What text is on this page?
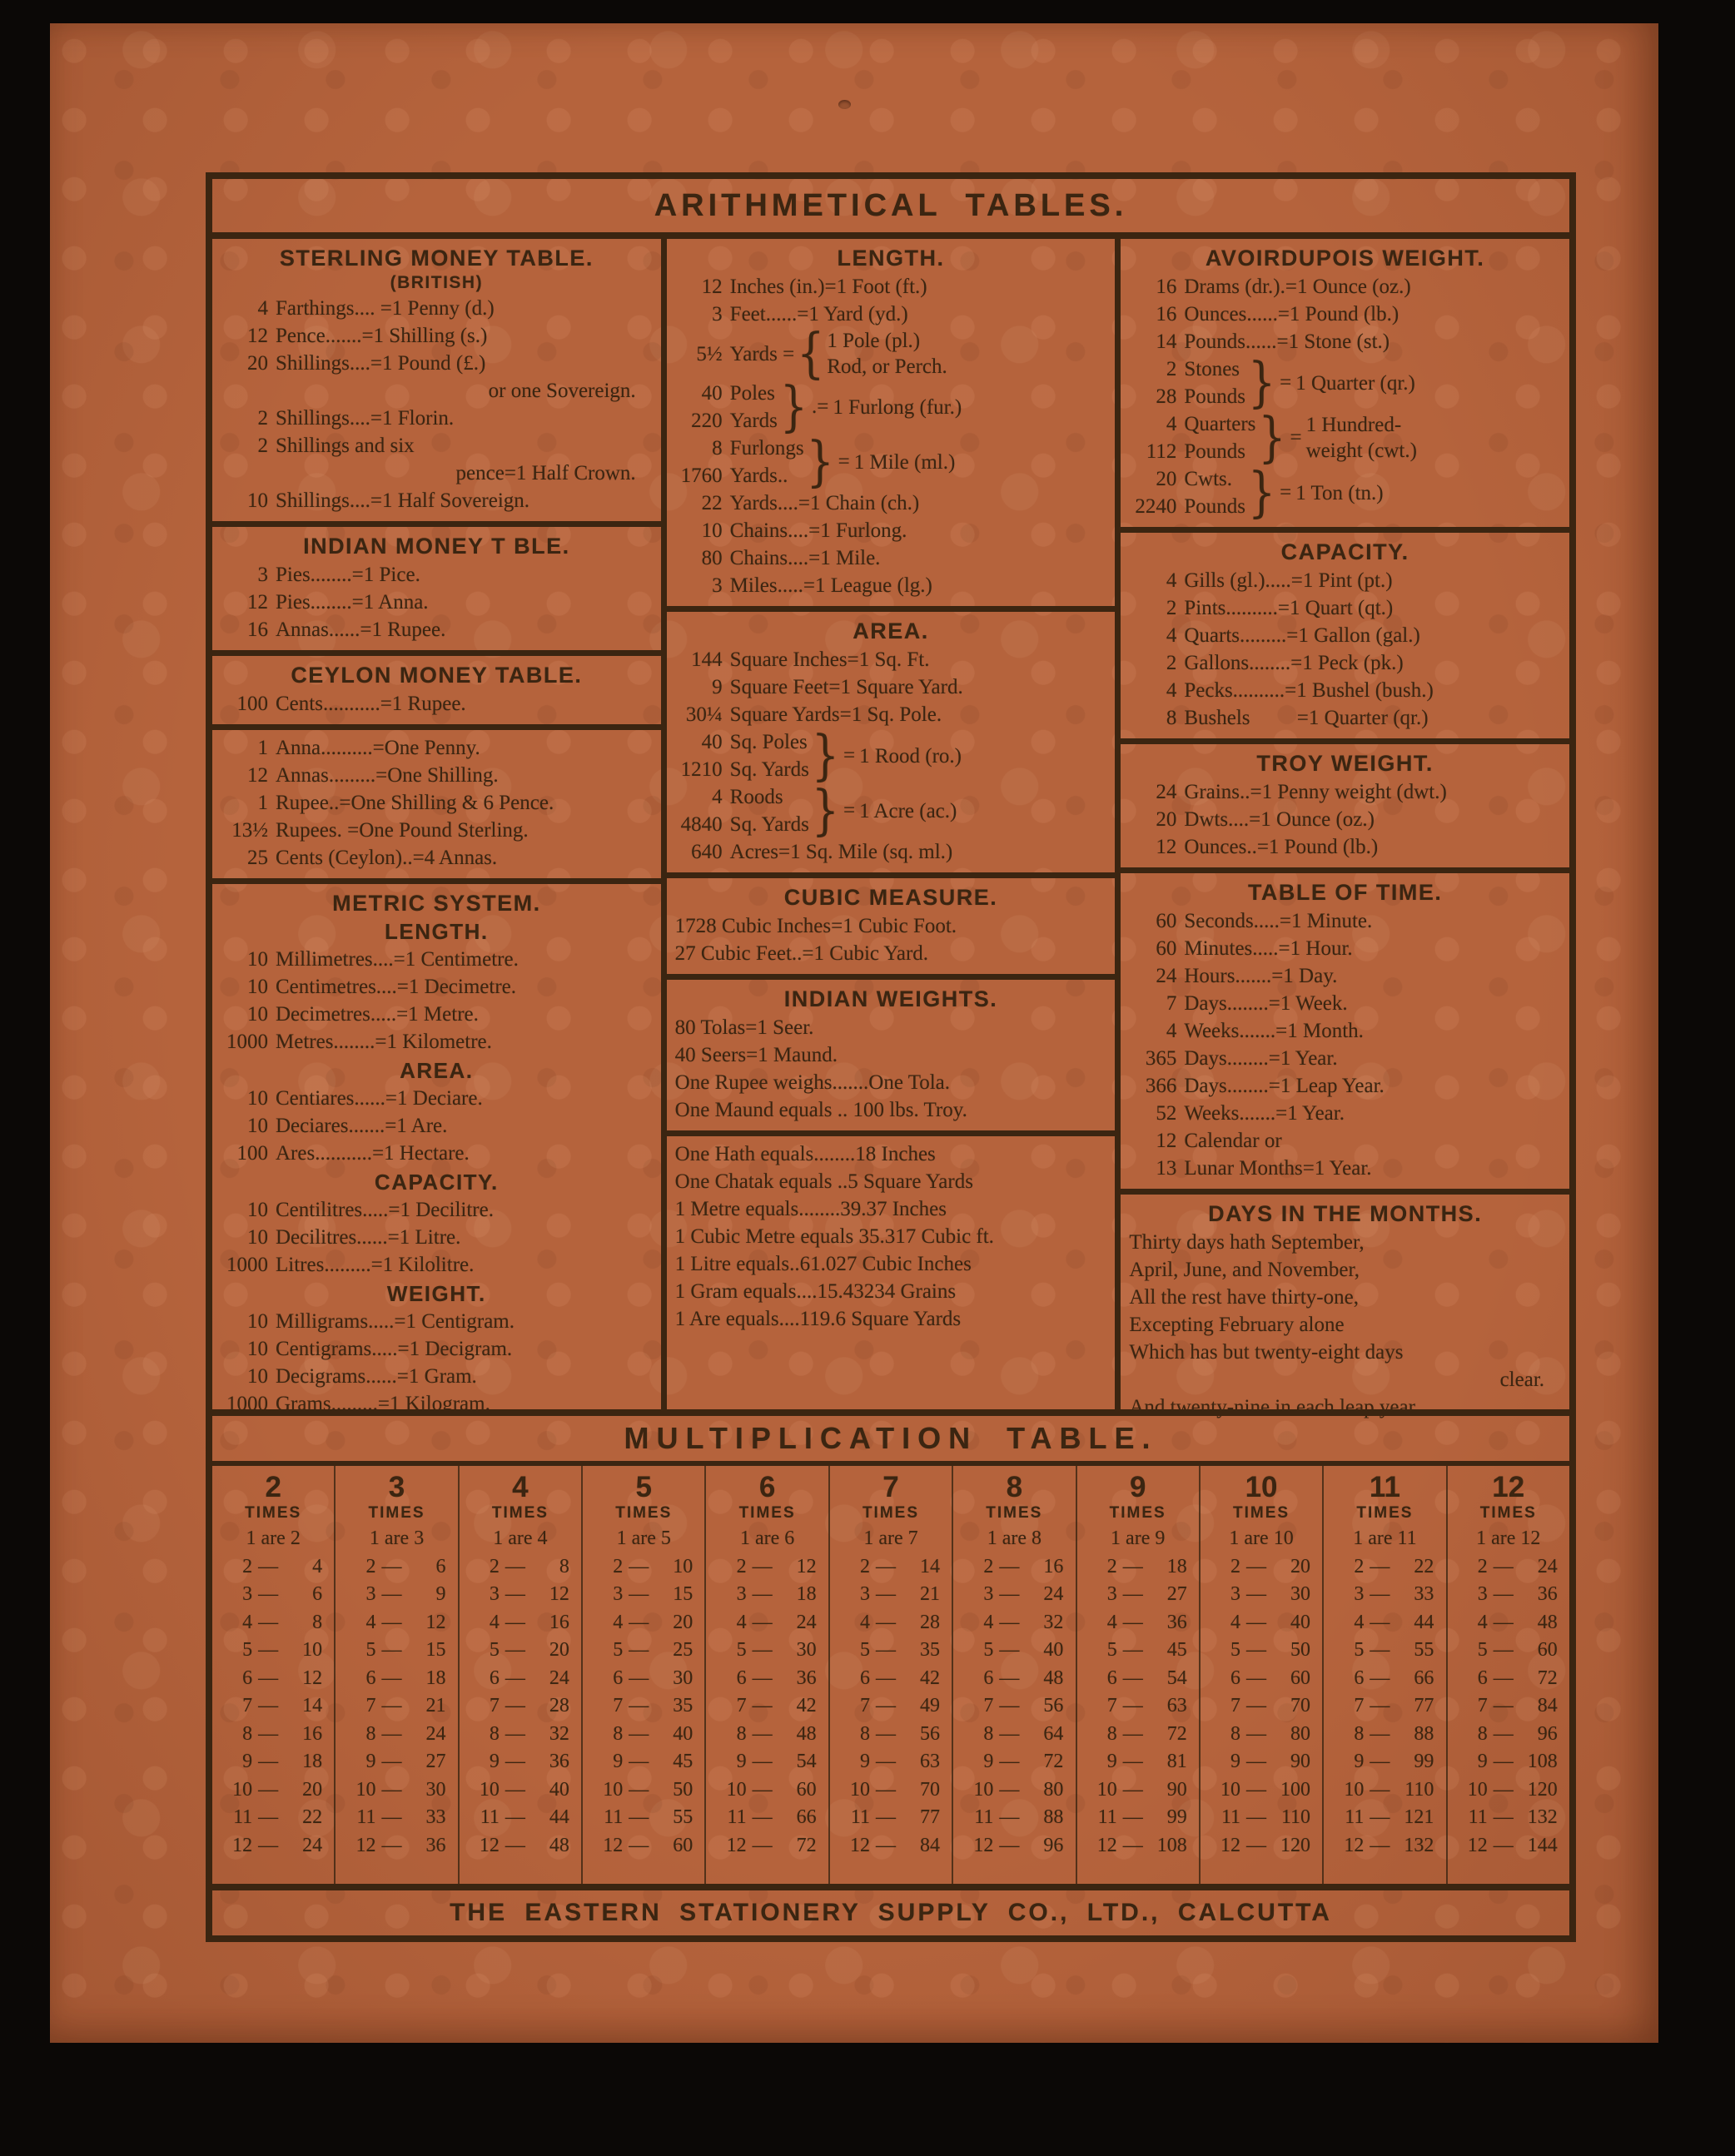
ARITHMETICAL TABLES.
STERLING MONEY TABLE.
(BRITISH)
4 Farthings.... =1 Penny (d.)
12 Pence.......=1 Shilling (s.)
20 Shillings....=1 Pound (£.)
or one Sovereign.
2 Shillings....=1 Florin.
2 Shillings and six
pence=1 Half Crown.
10 Shillings....=1 Half Sovereign.
INDIAN MONEY T BLE.
3 Pies........=1 Pice.
12 Pies........=1 Anna.
16 Annas......=1 Rupee.
CEYLON MONEY TABLE.
100 Cents...........=1 Rupee.
1 Anna..........=One Penny.
12 Annas.........=One Shilling.
1 Rupee..=One Shilling & 6 Pence.
13½ Rupees. =One Pound Sterling.
25 Cents (Ceylon)..=4 Annas.
METRIC SYSTEM.
LENGTH.
10 Millimetres....=1 Centimetre.
10 Centimetres....=1 Decimetre.
10 Decimetres.....=1 Metre.
1000 Metres........=1 Kilometre.
AREA.
10 Centiares......=1 Deciare.
10 Deciares.......=1 Are.
100 Ares...........=1 Hectare.
CAPACITY.
10 Centilitres.....=1 Decilitre.
10 Decilitres......=1 Litre.
1000 Litres.........=1 Kilolitre.
WEIGHT.
10 Milligrams.....=1 Centigram.
10 Centigrams.....=1 Decigram.
10 Decigrams......=1 Gram.
1000 Grams.........=1 Kilogram.
LENGTH.
12 Inches (in.)=1 Foot (ft.)
3 Feet......=1 Yard (yd.)
5½ Yards = { 1 Pole (pl.)
Rod, or Perch.
40 Poles
220 Yards } .= 1 Furlong (fur.)
8 Furlongs
1760 Yards.. } = 1 Mile (ml.)
22 Yards....=1 Chain (ch.)
10 Chains....=1 Furlong.
80 Chains....=1 Mile.
3 Miles.....=1 League (lg.)
AREA.
144 Square Inches=1 Sq. Ft.
9 Square Feet=1 Square Yard.
30¼ Square Yards=1 Sq. Pole.
40 Sq. Poles
1210 Sq. Yards } = 1 Rood (ro.)
4 Roods
4840 Sq. Yards } = 1 Acre (ac.)
640 Acres=1 Sq. Mile (sq. ml.)
CUBIC MEASURE.
1728 Cubic Inches=1 Cubic Foot.
27 Cubic Feet..=1 Cubic Yard.
INDIAN WEIGHTS.
80 Tolas=1 Seer.
40 Seers=1 Maund.
One Rupee weighs.......One Tola.
One Maund equals .. 100 lbs. Troy.
One Hath equals........18 Inches
One Chatak equals ..5 Square Yards
1 Metre equals........39.37 Inches
1 Cubic Metre equals 35.317 Cubic ft.
1 Litre equals..61.027 Cubic Inches
1 Gram equals....15.43234 Grains
1 Are equals....119.6 Square Yards
AVOIRDUPOIS WEIGHT.
16 Drams (dr.).=1 Ounce (oz.)
16 Ounces......=1 Pound (lb.)
14 Pounds......=1 Stone (st.)
2 Stones
28 Pounds } = 1 Quarter (qr.)
4 Quarters
112 Pounds } =
1 Hundred-
weight (cwt.)
20 Cwts.
2240 Pounds } = 1 Ton (tn.)
CAPACITY.
4 Gills (gl.).....=1 Pint (pt.)
2 Pints..........=1 Quart (qt.)
4 Quarts.........=1 Gallon (gal.)
2 Gallons........=1 Peck (pk.)
4 Pecks..........=1 Bushel (bush.)
8 Bushels         =1 Quarter (qr.)
TROY WEIGHT.
24 Grains..=1 Penny weight (dwt.)
20 Dwts....=1 Ounce (oz.)
12 Ounces..=1 Pound (lb.)
TABLE OF TIME.
60 Seconds.....=1 Minute.
60 Minutes.....=1 Hour.
24 Hours.......=1 Day.
7 Days........=1 Week.
4 Weeks.......=1 Month.
365 Days........=1 Year.
366 Days........=1 Leap Year.
52 Weeks.......=1 Year.
12 Calendar or
13 Lunar Months=1 Year.
DAYS IN THE MONTHS.
Thirty days hath September,
April, June, and November,
All the rest have thirty-one,
Excepting February alone
Which has but twenty-eight days
clear.
And twenty-nine in each leap year.
MULTIPLICATION TABLE.
2
TIMES
1 are 2
2 —	4
3 —	6
4 —	8
5 —	10
6 —	12
7 —	14
8 —	16
9 —	18
10 —	20
11 —	22
12 —	24
3
TIMES
1 are 3
2 —	6
3 —	9
4 —	12
5 —	15
6 —	18
7 —	21
8 —	24
9 —	27
10 —	30
11 —	33
12 —	36
4
TIMES
1 are 4
2 —	8
3 —	12
4 —	16
5 —	20
6 —	24
7 —	28
8 —	32
9 —	36
10 —	40
11 —	44
12 —	48
5
TIMES
1 are 5
2 —	10
3 —	15
4 —	20
5 —	25
6 —	30
7 —	35
8 —	40
9 —	45
10 —	50
11 —	55
12 —	60
6
TIMES
1 are 6
2 —	12
3 —	18
4 —	24
5 —	30
6 —	36
7 —	42
8 —	48
9 —	54
10 —	60
11 —	66
12 —	72
7
TIMES
1 are 7
2 —	14
3 —	21
4 —	28
5 —	35
6 —	42
7 —	49
8 —	56
9 —	63
10 —	70
11 —	77
12 —	84
8
TIMES
1 are 8
2 —	16
3 —	24
4 —	32
5 —	40
6 —	48
7 —	56
8 —	64
9 —	72
10 —	80
11 —	88
12 —	96
9
TIMES
1 are 9
2 —	18
3 —	27
4 —	36
5 —	45
6 —	54
7 —	63
8 —	72
9 —	81
10 —	90
11 —	99
12 — 108
10
TIMES
1 are 10
2 —	20
3 —	30
4 —	40
5 —	50
6 —	60
7 —	70
8 —	80
9 —	90
10 — 100
11 — 110
12 — 120
11
TIMES
1 are 11
2 —	22
3 —	33
4 —	44
5 —	55
6 —	66
7 —	77
8 —	88
9 —	99
10 — 110
11 — 121
12 — 132
12
TIMES
1 are 12
2 —	24
3 —	36
4 —	48
5 —	60
6 —	72
7 —	84
8 —	96
9 — 108
10 — 120
11 — 132
12 — 144
THE EASTERN STATIONERY SUPPLY CO., LTD., CALCUTTA
